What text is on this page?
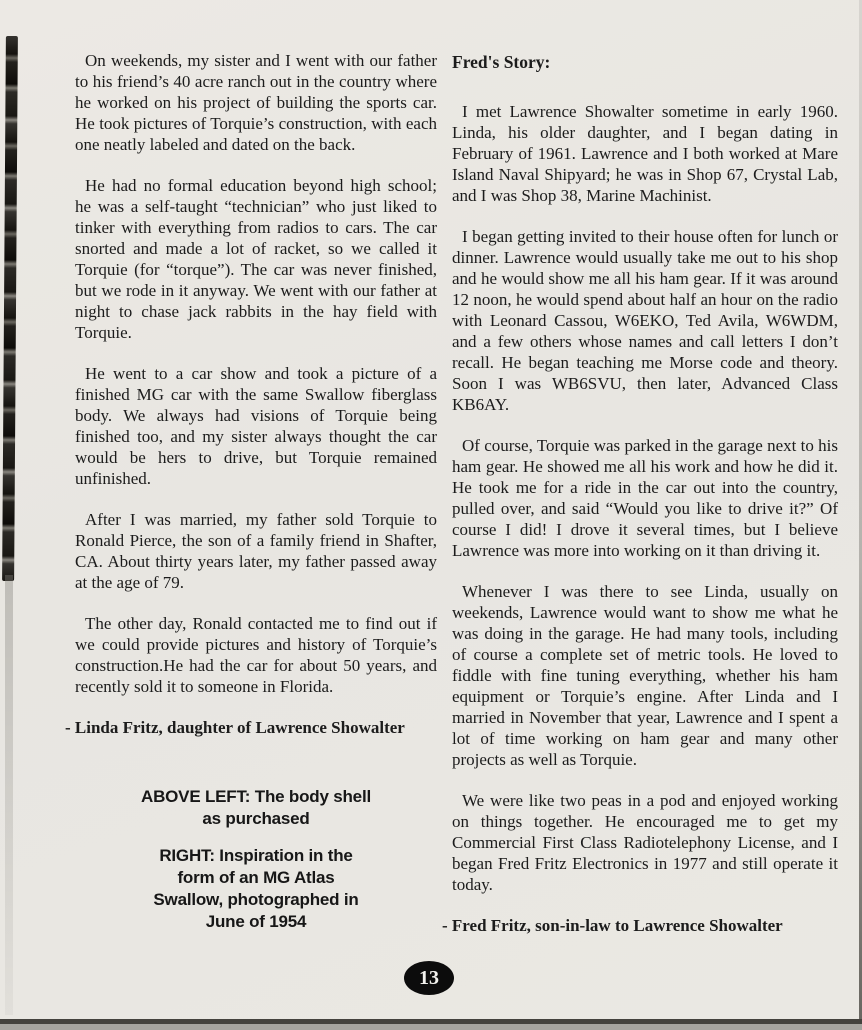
On weekends, my sister and I went with our father to his friend’s 40 acre ranch out in the country where he worked on his project of building the sports car. He took pictures of Torquie’s construction, with each one neatly labeled and dated on the back.

He had no formal education beyond high school; he was a self-taught “technician” who just liked to tinker with everything from radios to cars. The car snorted and made a lot of racket, so we called it Torquie (for “torque”). The car was never finished, but we rode in it anyway. We went with our father at night to chase jack rabbits in the hay field with Torquie.

He went to a car show and took a picture of a finished MG car with the same Swallow fiberglass body. We always had visions of Torquie being finished too, and my sister always thought the car would be hers to drive, but Torquie remained unfinished.

After I was married, my father sold Torquie to Ronald Pierce, the son of a family friend in Shafter, CA. About thirty years later, my father passed away at the age of 79.

The other day, Ronald contacted me to find out if we could provide pictures and history of Torquie’s construction.He had the car for about 50 years, and recently sold it to someone in Florida.

- Linda Fritz, daughter of Lawrence Showalter
ABOVE LEFT: The body shell
as purchased
RIGHT: Inspiration in the
form of an MG Atlas
Swallow, photographed in
June of 1954
Fred's Story:

I met Lawrence Showalter sometime in early 1960. Linda, his older daughter, and I began dating in February of 1961. Lawrence and I both worked at Mare Island Naval Shipyard; he was in Shop 67, Crystal Lab, and I was Shop 38, Marine Machinist.

I began getting invited to their house often for lunch or dinner. Lawrence would usually take me out to his shop and he would show me all his ham gear. If it was around 12 noon, he would spend about half an hour on the radio with Leonard Cassou, W6EKO, Ted Avila, W6WDM, and a few others whose names and call letters I don’t recall. He began teaching me Morse code and theory. Soon I was WB6SVU, then later, Advanced Class KB6AY.

Of course, Torquie was parked in the garage next to his ham gear. He showed me all his work and how he did it. He took me for a ride in the car out into the country, pulled over, and said “Would you like to drive it?” Of course I did! I drove it several times, but I believe Lawrence was more into working on it than driving it.

Whenever I was there to see Linda, usually on weekends, Lawrence would want to show me what he was doing in the garage. He had many tools, including of course a complete set of metric tools. He loved to fiddle with fine tuning everything, whether his ham equipment or Torquie’s engine. After Linda and I married in November that year, Lawrence and I spent a lot of time working on ham gear and many other projects as well as Torquie.

We were like two peas in a pod and enjoyed working on things together. He encouraged me to get my Commercial First Class Radiotelephony License, and I began Fred Fritz Electronics in 1977 and still operate it today.

- Fred Fritz, son-in-law to Lawrence Showalter
13
